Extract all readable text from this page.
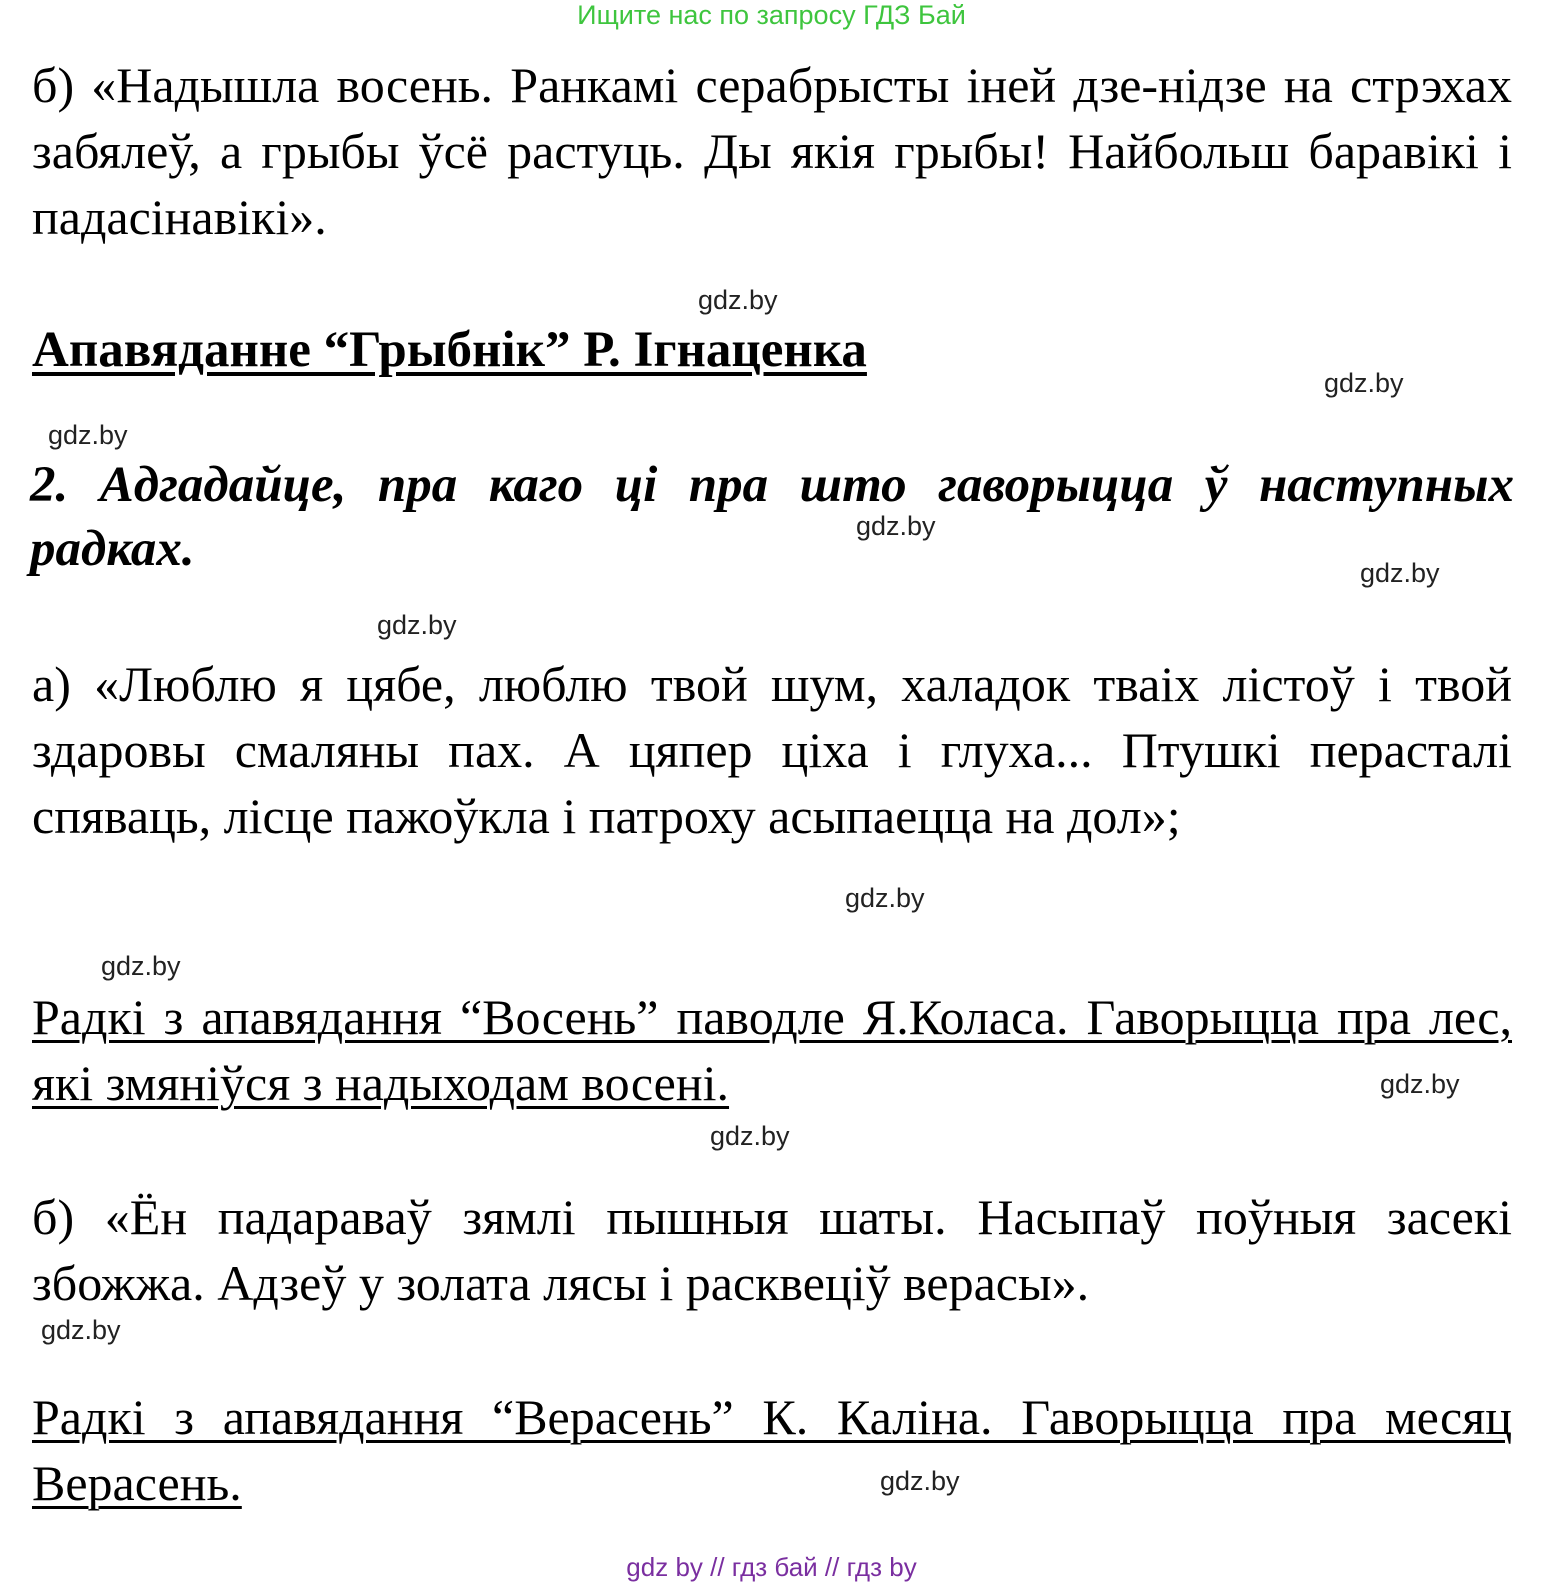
Ищите нас по запросу ГДЗ Бай

б) «Надышла восень. Ранкамі серабрысты іней дзе-нідзе на стрэхах забялеў, а грыбы ўсё растуць. Ды якія грыбы! Найбольш баравікі і падасінавікі».

gdz.by

Апавяданне “Грыбнік” Р. Ігнаценка

gdz.by
gdz.by

2. Адгадайце, пра каго ці пра што гаворыцца ў наступных радках.	gdz.by
gdz.by
gdz.by

а) «Люблю я цябе, люблю твой шум, халадок тваіх лістоў і твой здаровы смаляны пах. А цяпер ціха і глуха... Птушкі перасталі спяваць, лісце пажоўкла і патроху асыпаецца на дол»;

gdz.by
gdz.by

Радкі з апавядання “Восень” паводле Я.Коласа. Гаворыцца пра лес, які змяніўся з надыходам восені.	gdz.by
gdz.by

б) «Ён падараваў зямлі пышныя шаты. Насыпаў поўныя засекі збожжа. Адзеў у золата лясы і расквеціў верасы».

gdz.by

Радкі з апавядання “Верасень” К. Каліна. Гаворыцца пра месяц Верасень.	gdz.by
gdz by // гдз бай // гдз by
